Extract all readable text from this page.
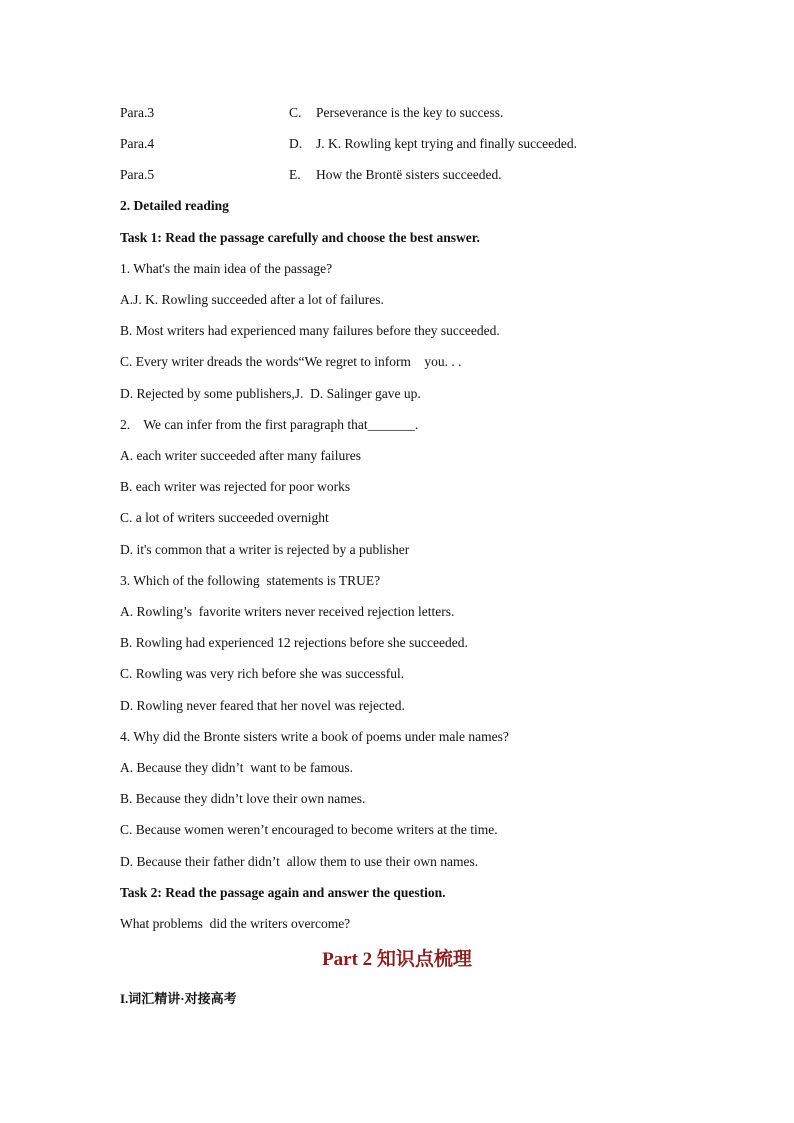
Para.3	C. Perseverance is the key to success.
Para.4	D. J. K. Rowling kept trying and finally succeeded.
Para.5	E. How the Brontë sisters succeeded.
2. Detailed reading
Task 1: Read the passage carefully and choose the best answer.
1. What's the main idea of the passage?
A.J. K. Rowling succeeded after a lot of failures.
B. Most writers had experienced many failures before they succeeded.
C. Every writer dreads the words“We regret to inform    you. . .
D. Rejected by some publishers,J.  D. Salinger gave up.
2.    We can infer from the first paragraph that_______.
A. each writer succeeded after many failures
B. each writer was rejected for poor works
C. a lot of writers succeeded overnight
D. it's common that a writer is rejected by a publisher
3. Which of the following  statements is TRUE?
A. Rowling’s  favorite writers never received rejection letters.
B. Rowling had experienced 12 rejections before she succeeded.
C. Rowling was very rich before she was successful.
D. Rowling never feared that her novel was rejected.
4. Why did the Bronte sisters write a book of poems under male names?
A. Because they didn’t  want to be famous.
B. Because they didn’t love their own names.
C. Because women weren’t encouraged to become writers at the time.
D. Because their father didn’t  allow them to use their own names.
Task 2: Read the passage again and answer the question.
What problems  did the writers overcome?
Part 2 知识点梳理
I.词汇精讲·对接高考
